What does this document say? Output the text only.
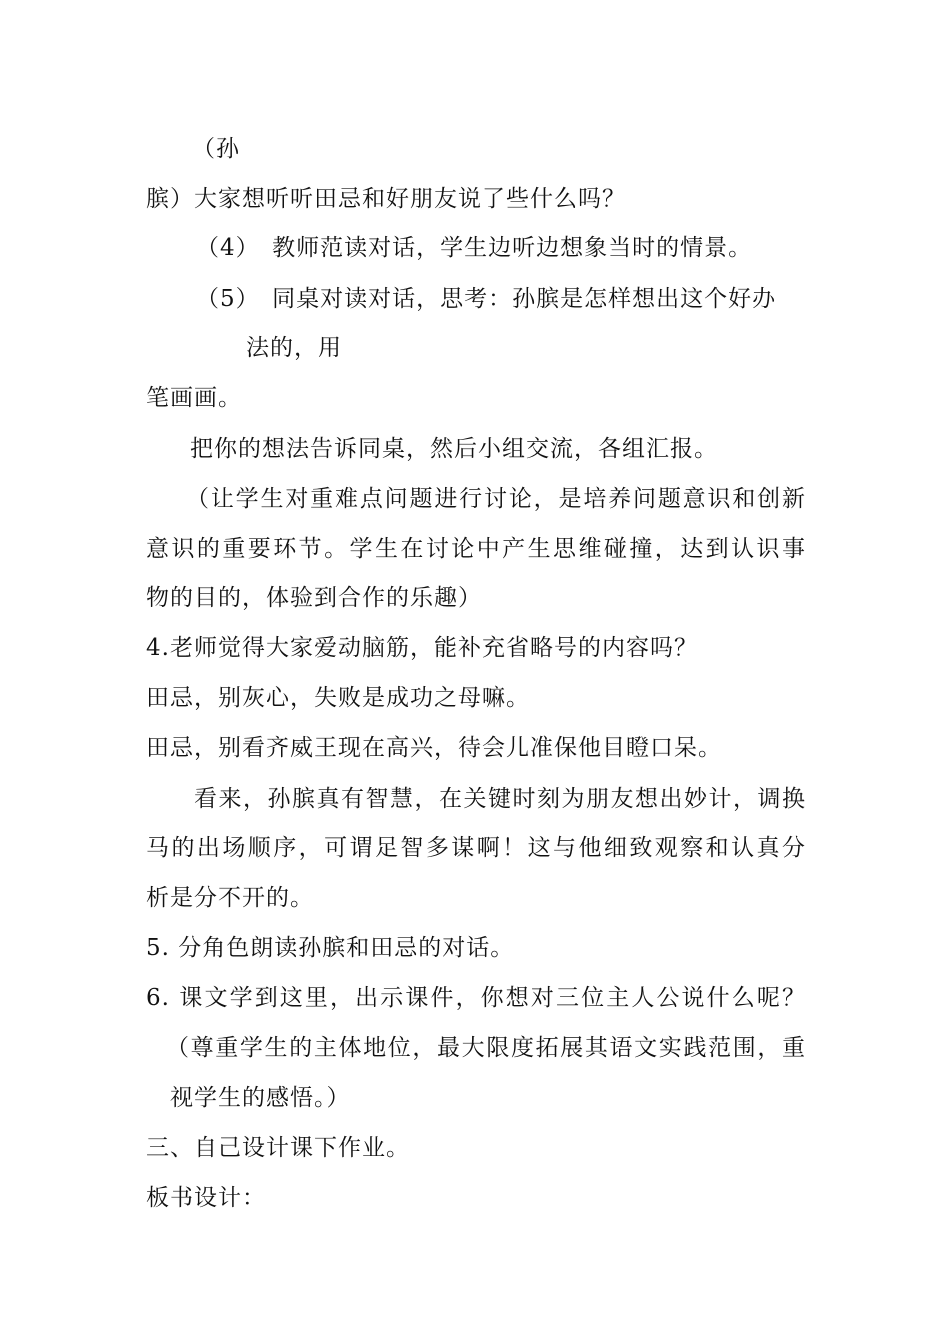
（孙
膑）大家想听听田忌和好朋友说了些什么吗？
（4）　教师范读对话，学生边听边想象当时的情景。
（5）　同桌对读对话，思考：孙膑是怎样想出这个好办
法的，用
笔画画。
把你的想法告诉同桌，然后小组交流，各组汇报。
（让学生对重难点问题进行讨论，是培养问题意识和创新
意识的重要环节。学生在讨论中产生思维碰撞，达到认识事
物的目的，体验到合作的乐趣）
4.老师觉得大家爱动脑筋，能补充省略号的内容吗？
田忌，别灰心，失败是成功之母嘛。
田忌，别看齐威王现在高兴，待会儿准保他目瞪口呆。
看来，孙膑真有智慧，在关键时刻为朋友想出妙计，调换
马的出场顺序，可谓足智多谋啊！这与他细致观察和认真分
析是分不开的。
5. 分角色朗读孙膑和田忌的对话。
6. 课文学到这里，出示课件，你想对三位主人公说什么呢？
（尊重学生的主体地位，最大限度拓展其语文实践范围，重
视学生的感悟。）
三、自己设计课下作业。
板书设计：
